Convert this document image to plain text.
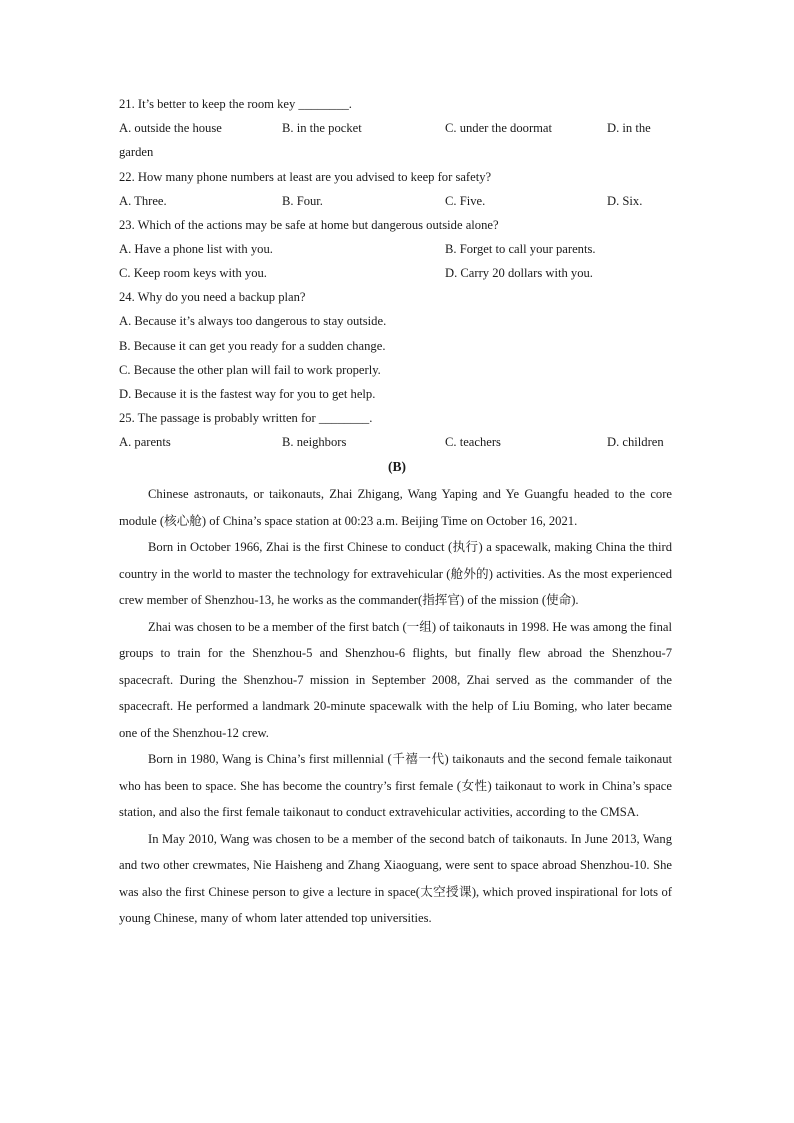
21. It’s better to keep the room key ________.
A. outside the house	B. in the pocket	C. under the doormat	D. in the
garden
22. How many phone numbers at least are you advised to keep for safety?
A. Three.	B. Four.	C. Five.	D. Six.
23. Which of the actions may be safe at home but dangerous outside alone?
A. Have a phone list with you.	B. Forget to call your parents.
C. Keep room keys with you.	D. Carry 20 dollars with you.
24. Why do you need a backup plan?
A. Because it’s always too dangerous to stay outside.
B. Because it can get you ready for a sudden change.
C. Because the other plan will fail to work properly.
D. Because it is the fastest way for you to get help.
25. The passage is probably written for ________.
A. parents	B. neighbors	C. teachers	D. children
(B)

Chinese astronauts, or taikonauts, Zhai Zhigang, Wang Yaping and Ye Guangfu headed to the core module (核心舱) of China’s space station at 00:23 a.m. Beijing Time on October 16, 2021.

Born in October 1966, Zhai is the first Chinese to conduct (执行) a spacewalk, making China the third country in the world to master the technology for extravehicular (舱外的) activities. As the most experienced crew member of Shenzhou-13, he works as the commander(指挥官) of the mission (使命).

Zhai was chosen to be a member of the first batch (一组) of taikonauts in 1998. He was among the final groups to train for the Shenzhou-5 and Shenzhou-6 flights, but finally flew abroad the Shenzhou-7 spacecraft. During the Shenzhou-7 mission in September 2008, Zhai served as the commander of the spacecraft. He performed a landmark 20-minute spacewalk with the help of Liu Boming, who later became one of the Shenzhou-12 crew.

Born in 1980, Wang is China’s first millennial (千禧一代) taikonauts and the second female taikonaut who has been to space. She has become the country’s first female (女性) taikonaut to work in China’s space station, and also the first female taikonaut to conduct extravehicular activities, according to the CMSA.

In May 2010, Wang was chosen to be a member of the second batch of taikonauts. In June 2013, Wang and two other crewmates, Nie Haisheng and Zhang Xiaoguang, were sent to space abroad Shenzhou-10. She was also the first Chinese person to give a lecture in space(太空授课), which proved inspirational for lots of young Chinese, many of whom later attended top universities.
